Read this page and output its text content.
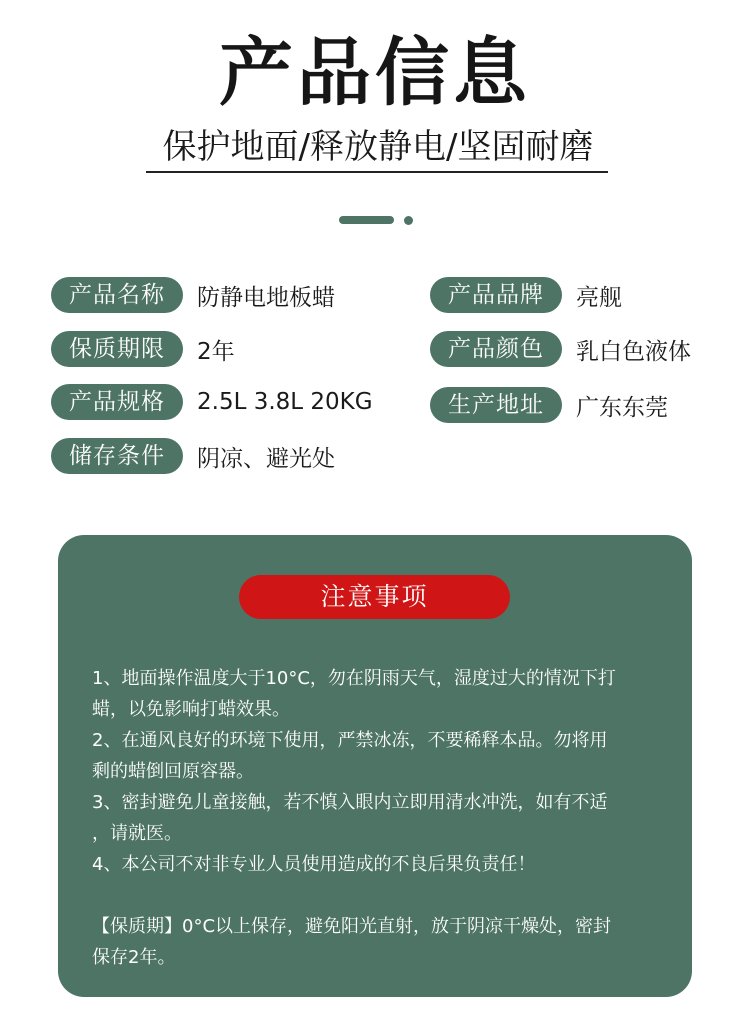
产品信息
保护地面/释放静电/坚固耐磨
产品名称	防静电地板蜡	产品品牌	亮舰
保质期限	2年	产品颜色	乳白色液体
产品规格	2.5L 3.8L 20KG	生产地址	广东东莞
储存条件	阴凉、避光处
注意事项
1、地面操作温度大于10°C，勿在阴雨天气，湿度过大的情况下打
蜡，以免影响打蜡效果。
2、在通风良好的环境下使用，严禁冰冻，不要稀释本品。勿将用
剩的蜡倒回原容器。
3、密封避免儿童接触，若不慎入眼内立即用清水冲洗，如有不适
，请就医。
4、本公司不对非专业人员使用造成的不良后果负责任！
【保质期】0°C以上保存，避免阳光直射，放于阴凉干燥处，密封
保存2年。
